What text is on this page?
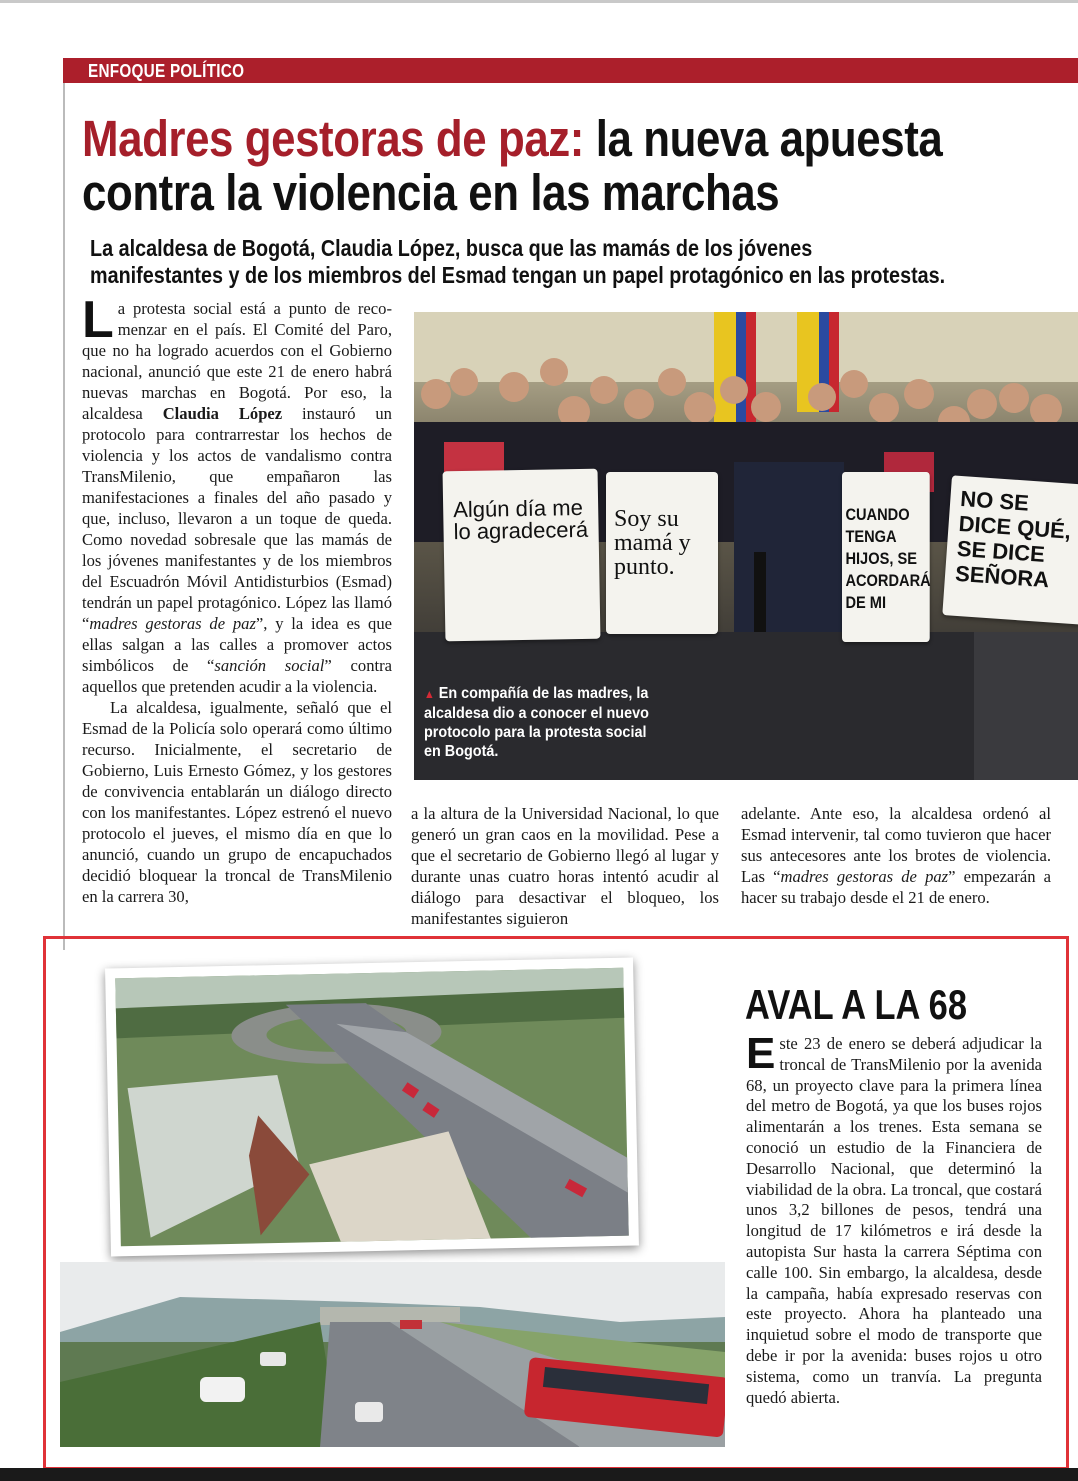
ENFOQUE POLÍTICO
Madres gestoras de paz: la nueva apuesta
contra la violencia en las marchas
La alcaldesa de Bogotá, Claudia López, busca que las mamás de los jóvenes
manifestantes y de los miembros del Esmad tengan un papel protagónico en las protestas.

La protesta social está a punto de recomenzar en el país. El Comité del Paro, que no ha logrado acuerdos con el Gobierno nacional, anunció que este 21 de enero habrá nuevas marchas en Bogotá. Por eso, la alcaldesa Claudia López instauró un protocolo para contrarrestar los hechos de violencia y los actos de vandalismo contra TransMilenio, que empañaron las manifestaciones a finales del año pasado y que, incluso, llevaron a un toque de queda. Como novedad sobresale que las mamás de los jóvenes manifestantes y de los miembros del Escuadrón Móvil Antidisturbios (Esmad) tendrán un papel protagónico. López las llamó “madres gestoras de paz”, y la idea es que ellas salgan a las calles a promover actos simbólicos de “sanción social” contra aquellos que pretenden acudir a la violencia.

La alcaldesa, igualmente, señaló que el Esmad de la Policía solo operará como último recurso. Inicialmente, el secretario de Gobierno, Luis Ernesto Gómez, y los gestores de convivencia entablarán un diálogo directo con los manifestantes. López estrenó el nuevo protocolo el jueves, el mismo día en que lo anunció, cuando un grupo de encapuchados decidió bloquear la troncal de TransMilenio en la carrera 30,

Algún día me lo agradecerá	Soy su mamá y punto.
CUANDO TENGA HIJOS, SE ACORDARÁ DE MI
NO SE DICE QUÉ, SE DICE SEÑORA
▲ En compañía de las madres, la alcaldesa dio a conocer el nuevo protocolo para la protesta social en Bogotá.

a la altura de la Universidad Nacional, lo que generó un gran caos en la movilidad. Pese a que el secretario de Gobierno llegó al lugar y durante unas cuatro horas intentó acudir al diálogo para desactivar el bloqueo, los manifestantes siguieron

adelante. Ante eso, la alcaldesa ordenó al Esmad intervenir, tal como tuvieron que hacer sus antecesores ante los brotes de violencia. Las “madres gestoras de paz” empezarán a hacer su trabajo desde el 21 de enero.

AVAL A LA 68

Este 23 de enero se deberá adjudicar la troncal de TransMilenio por la avenida 68, un proyecto clave para la primera línea del metro de Bogotá, ya que los buses rojos alimentarán a los trenes. Esta semana se conoció un estudio de la Financiera de Desarrollo Nacional, que determinó la viabilidad de la obra. La troncal, que costará unos 3,2 billones de pesos, tendrá una longitud de 17 kilómetros e irá desde la autopista Sur hasta la carrera Séptima con calle 100. Sin embargo, la alcaldesa, desde la campaña, había expresado reservas con este proyecto. Ahora ha planteado una inquietud sobre el modo de transporte que debe ir por la avenida: buses rojos u otro sistema, como un tranvía. La pregunta quedó abierta.
